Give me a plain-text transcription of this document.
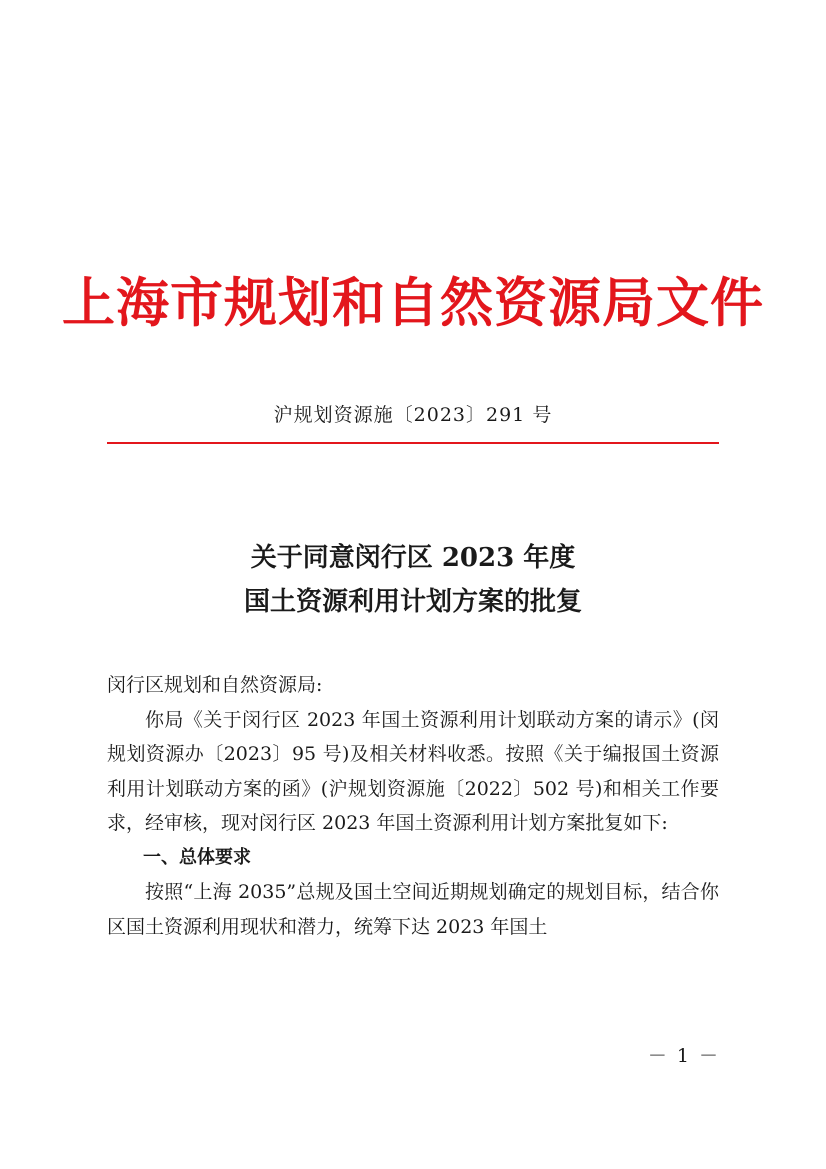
上海市规划和自然资源局文件
沪规划资源施〔2023〕291 号
关于同意闵行区 2023 年度
国土资源利用计划方案的批复

闵行区规划和自然资源局:

你局《关于闵行区 2023 年国土资源利用计划联动方案的请示》(闵规划资源办〔2023〕95 号)及相关材料收悉。按照《关于编报国土资源利用计划联动方案的函》(沪规划资源施〔2022〕502 号)和相关工作要求，经审核，现对闵行区 2023 年国土资源利用计划方案批复如下:

一、总体要求

按照“上海 2035”总规及国土空间近期规划确定的规划目标，结合你区国土资源利用现状和潜力，统筹下达 2023 年国土

－ 1 －
